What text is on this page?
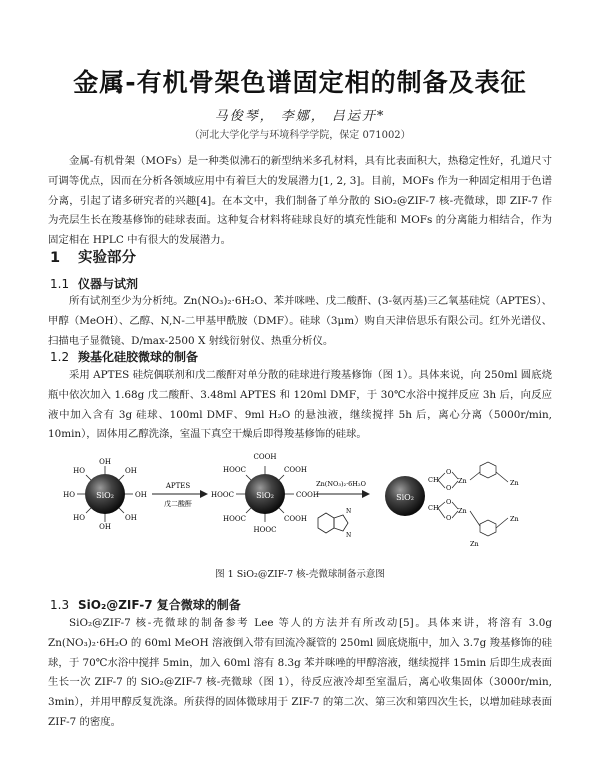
金属-有机骨架色谱固定相的制备及表征
马俊琴， 李娜， 吕运开*
（河北大学化学与环境科学学院，保定 071002）

金属-有机骨架（MOFs）是一种类似沸石的新型纳米多孔材料，具有比表面积大，热稳定性好，孔道尺寸可调等优点，因而在分析各领域应用中有着巨大的发展潜力[1, 2, 3]。目前，MOFs 作为一种固定相用于色谱分离，引起了诸多研究者的兴趣[4]。在本文中，我们制备了单分散的 SiO₂@ZIF-7 核-壳微球，即 ZIF-7 作为壳层生长在羧基修饰的硅球表面。这种复合材料将硅球良好的填充性能和 MOFs 的分离能力相结合，作为固定相在 HPLC 中有很大的发展潜力。

1 实验部分
1.1 仪器与试剂

所有试剂至少为分析纯。Zn(NO₃)₂·6H₂O、苯并咪唑、戊二酸酐、(3-氨丙基)三乙氧基硅烷（APTES）、甲醇（MeOH）、乙醇、N,N-二甲基甲酰胺（DMF）。硅球（3μm）购自天津倍思乐有限公司。红外光谱仪、扫描电子显微镜、D/max-2500 X 射线衍射仪、热重分析仪。

1.2 羧基化硅胶微球的制备

采用 APTES 硅烷偶联剂和戊二酸酐对单分散的硅球进行羧基修饰（图 1）。具体来说，向 250ml 圆底烧瓶中依次加入 1.68g 戊二酸酐、3.48ml APTES 和 120ml DMF，于 30℃水浴中搅拌反应 3h 后，向反应液中加入含有 3g 硅球、100ml DMF、9ml H₂O 的悬浊液，继续搅拌 5h 后，离心分离（5000r/min, 10min），固体用乙醇洗涤，室温下真空干燥后即得羧基修饰的硅球。

SiO₂
OH
OH
HO	OH
HO	OH
HO	OH
APTES
戊二酸酐
SiO₂
COOH
HOOC
HOOC	COOH
HOOC	COOH
HOOC	COOH
Zn(NO₃)₂·6H₂O
N
N
SiO₂
CH
CH
O
O
O
O
Zn
Zn
Zn
Zn
Zn
图 1 SiO₂@ZIF-7 核-壳微球制备示意图
1.3 SiO₂@ZIF-7 复合微球的制备

SiO₂@ZIF-7 核-壳微球的制备参考 Lee 等人的方法并有所改动[5]。具体来讲，将溶有 3.0g Zn(NO₃)₂·6H₂O 的 60ml MeOH 溶液倒入带有回流冷凝管的 250ml 圆底烧瓶中，加入 3.7g 羧基修饰的硅球，于 70℃水浴中搅拌 5min，加入 60ml 溶有 8.3g 苯并咪唑的甲醇溶液，继续搅拌 15min 后即生成表面生长一次 ZIF-7 的 SiO₂@ZIF-7 核-壳微球（图 1），待反应液冷却至室温后，离心收集固体（3000r/min, 3min），并用甲醇反复洗涤。所获得的固体微球用于 ZIF-7 的第二次、第三次和第四次生长，以增加硅球表面 ZIF-7 的密度。
